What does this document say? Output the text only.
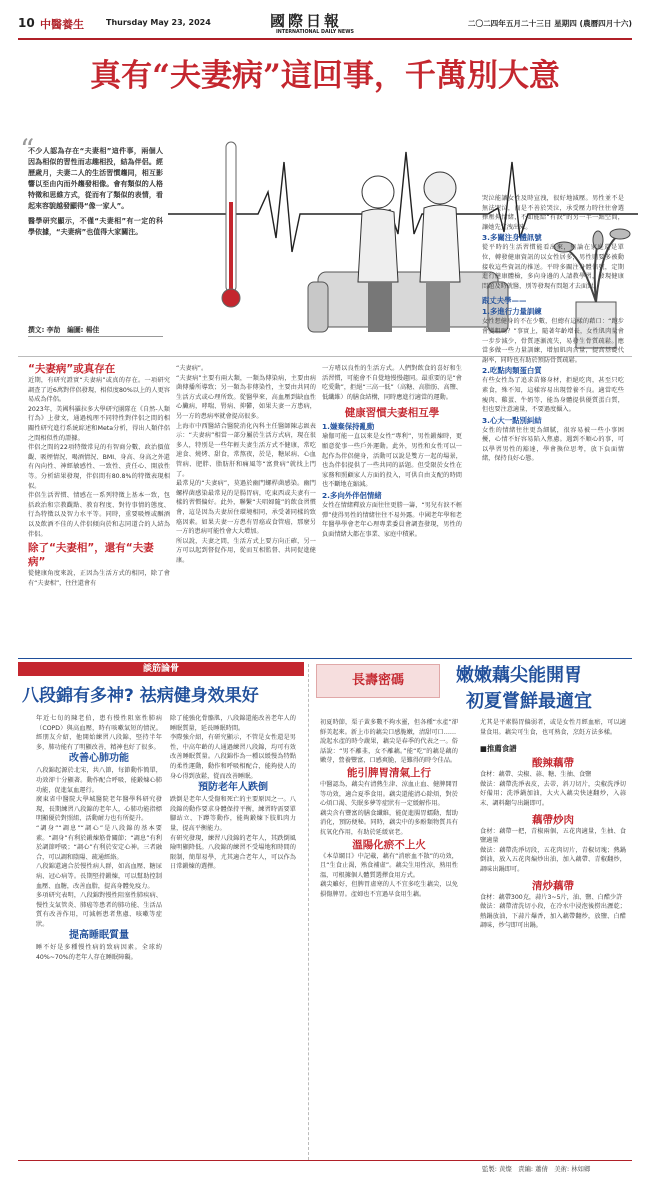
10 中醫養生	Thursday May 23, 2024	國際日報
INTERNATIONAL DAILY NEWS
二〇二四年五月二十三日 星期四 (農曆四月十六)
真有“夫妻病”這回事，千萬別大意
“

不少人認為存在“夫妻相”這件事，兩個人因為相似的習性而志趣相投，結為伴侶。經歷歲月，夫妻二人的生活習慣趨同，相互影響以至由內而外趨發相像。會有類似的人格特徵和思維方式，從而有了類似的表情，看起來容貌越發顯得“像一家人”。

醫學研究顯示，不僅“夫妻相”有一定的科學依據，“夫妻病”也值得大家關注。

撰文: 李劼　編圖: 楊佳
“夫妻病”或真存在

近期，有研究證實“夫妻病”或真的存在。一項研究調查了近6萬對伴侶發現，相似度80%以上的人更容易成為伴侶。

2023年，美國科羅拉多大學研究團隊在《自然-人類行為》上發文，通過梳理不同特性對伴侶之間的相關性研究進行系統綜述和Meta分析，得出人類伴侶之間相似性的證據。

伴侶之間的22項特徵常見的有智商分數、政治價值觀、吸煙情況、喝酒情況、BMI、身高、身高之外還有內向性、神經敏感性、一致性、責任心、開放性等。分析結果發現，伴侶間有80.8%的特徵表現相似。

伴侶生活習慣、情感在一系列特徵上基本一致，包括政治和宗教觀點、教育程度、對待事情的態度、行為特徵以及智力水平等。同時，重要吸煙或酗酒以及飲酒不佳的人伴侶傾向於和志同道合的人結為伴侶。

除了“夫妻相”，還有“夫妻病”

從健康角度來說，正因為生活方式的相同，除了會有“夫妻相”，往往還會有

“夫妻病”。

“夫妻病”主要有兩大類，一類為傳染病，主要由病菌傳播所導致；另一類為非傳染性，主要由共同的生活方式或心理所致。從醫學來，高血壓到缺血性心臟病，哮喘、腎病、抑鬱，如果夫妻一方患病，另一方的患病率就會提高很多。

上海市中西醫結合醫院消化內科主任醫師陳志級表示：“夫妻病”相當一部分屬於生活方式病，現在很多人，特別是一些年輕夫妻生活方式不健康，常吃速食、燒烤、甜食，常熬夜，於是，糖尿病、心血管病、肥胖、脂肪肝和痛風等“富貴病”就找上門了。

最常見的“夫妻病”，莫過於幽門螺桿菌感染。幽門螺桿菌感染最常見的是腸胃病，吃東西或夫妻有一樣的習慣偏好。此外，聯繫“夫唱婦隨”的飲食習慣會，這是因為夫妻居住環境相同，承受著同樣的致癌因素。如果夫妻一方患有胃癌或食管癌，那麼另一方的患病可能性會大大增加。

所以說，夫妻之間，生活方式上要方向正確，另一方可以起到督促作用，從而互相監督、共同促進健康。

一方嗜以良性的生活方式。人們對飲食的喜好和生活習慣，可能會不自覺地慢慢趨同。最重要的是“會吃愛動”，拒絕“三高一低”（高糖、高脂肪、高鹽、低纖維）的膳食結構，同時應進行適當的運動。

健康習慣夫妻相互學
1.嫌棄保持亂動

瑜伽可能一直以來是女性“專利”，男性鍛煉時，更願意從事一些戶外運動。此外，男性和女性可以一起作為伴侶健身，活動可以說是雙方一起的場景，也為伴侶提供了一些共同的話題。但受限於女性在家務和照顧家人方面的投入，可供自由支配的時間也不斷地在縮減。

2.多向外伴侶情緒

女性在情緒釋放方面往往更勝一籌，“男兒有淚不輕彈”使得男性的情緒往往不易外露。中國老年學和老年醫學學會老年心理專業委員會調查發現，男性的負面情緒大都在事業、家庭中積累。

哭泣能讓女性及時宣洩，很好地減壓。男性並不是無法哭泣，而是不善於哭泣，承受壓力時往往會選擇壓抑情緒，不如能給“有淚”的另一半一點空間，讓她先宣洩出來。

3.多關注身體訊號

從平時的生活習慣能看出來，無論在家庭還是單位，轉發健康資訊的以女性居多，男性則要多被動接收這些資訊的推送。平時多關注身體信號，定期進行健康體檢，多向身邊的人請教學習，發現健康問題及時就醫，別等發現有問題才去面對。

跟丈夫學——
1.多進行力量訓練

女性想健身的不在少數，但總有這樣的藉口：“跑步會變粗嗎？”事實上，隨著年齡增長，女性肌肉量會一步步減少，骨質逐漸流失，易發生骨質疏鬆。應當多做一些力量訓練，增加肌肉含量，提高基礎代謝率，同時也有助於預防骨質疏鬆。

2.吃點肉類蛋白質

有些女性為了追求苗條身材，拒絕吃肉，甚至只吃素食，殊不知，這樣容易出現營養不良。適當吃些瘦肉、雞蛋、牛奶等，能為身體提供優質蛋白質，但也要注意適量，不要過度攝入。

3.心大一點別糾結

女性的情緒往往更為細膩，很容易被一些小事困擾，心情不好容易陷入焦慮。遇到不順心的事，可以學習男性的豁達，學會換位思考，放下負面情緒，保持良好心態。

談筋論骨
八段錦有多神? 祛病健身效果好

年近七旬的陳老伯，患有慢性阻塞性肺病（COPD）與高血壓，時有咳嗽氣短的情況。經朋友介紹，他開始練習八段錦，堅持半年多，肺功能有了明顯改善，精神也好了很多。

改善心肺功能

八段錦起源於北宋，共八節，每節動作簡單，功效卻十分顯著。動作配合呼吸，能鍛煉心肺功能，促進氣血運行。

廣東省中醫院大學城醫院老年醫學科研究發現，長期練習八段錦的老年人，心肺功能指標明顯優於對照組，活動耐力也有所提升。

“調身”“調息”“調心”是八段錦的基本要素。“調身”有利於鍛煉筋骨關節；“調息”有利於調節呼吸；“調心”有利於安定心神。三者融合，可以調和陰陽、疏通經絡。

八段錦還適合於慢性病人群，如高血壓、糖尿病、冠心病等。長期堅持鍛煉，可以幫助控制血壓、血糖，改善血脂，提高身體免疫力。

多項研究表明，八段錦對慢性阻塞性肺疾病、慢性支氣管炎、肺癌等患者的肺功能、生活品質有改善作用，可減輕患者焦慮、咳嗽等症狀。

提高睡眠質量

睡不好是多種慢性病的致病因素。全球約40%~70%的老年人存在睡眠障礙。

除了能強化骨骼肌，八段錦還能改善老年人的睡眠質量，延長睡眠時間。

李際強介紹，有研究顯示，不管是女性還是男性，中高年齡的人通過練習八段錦，均可有效改善睡眠質量。八段錦作為一種以緩慢為特點的柔性運動，動作和呼吸相配合，能夠使人的身心得到放鬆，從而改善睡眠。

預防老年人跌倒

跌倒是老年人受傷和死亡的主要原因之一。八段錦的動作要求身體保持平衡，練習時需要單腳站立、下蹲等動作，能夠鍛煉下肢肌肉力量，提高平衡能力。

有研究發現，練習八段錦的老年人，其跌倒風險明顯降低。八段錦的練習不受場地和時間的限制，簡單易學，尤其適合老年人，可以作為日常鍛煉的選擇。

長壽密碼	嫩嫩藕尖能開胃
初夏嘗鮮最適宜

初夏時節，栗子黃多數不夠水靈，但各種“水產”卻鮮美起來。新上市的藕尖口感脆嫩，清甜可口……

說起水產的時令蔬果，藕尖是春季的代表之一。俗話說：“男不離韭，女不離藕。”能“吃”的藕是藕的嫩芽，營養豐富，口感爽脆，是難得的時令佳品。

能引脾胃清氣上行

中醫認為，藕尖有清熱生津、涼血止血、健脾開胃等功效，適合夏季食用。藕尖還能清心除煩，對於心煩口渴、失眠多夢等症狀有一定緩解作用。

藕尖含有豐富的膳食纖維，能促進腸胃蠕動，幫助消化，預防便秘。同時，藕尖中的多酚類物質具有抗氧化作用，有助於延緩衰老。

溫陽化瘀不上火

《本草綱目》中記載，藕有“消瘀血不散”的功效，且“生食止渴，熟食補虛”。藕尖生用性涼，熟用性溫，可根據個人體質選擇食用方式。

藕尖雖好，但脾胃虛寒的人不宜多吃生藕尖，以免損傷脾胃。產婦也不宜過早食用生藕。

尤其是平素腸胃偏弱者，或是女性月經血瘀，可以適量食用。藕尖可生食，也可熟食，烹飪方法多樣。

■推薦食譜
酸辣藕帶

食材：藕帶、尖椒、蒜、糖、生抽、食鹽

做法：藕帶洗淨表皮，去蒂，斜刀切片，尖椒洗淨切好備用；洗淨鍋加油，大火入藕尖快速翻炒，入蒜末、調料翻勻出鍋即可。

藕帶炒肉

食材：藕帶一把，青椒兩個，五花肉適量，生抽、食鹽適量

做法：藕帶洗淨切段，五花肉切片，青椒切塊；熱鍋倒油，放入五花肉煸炒出油，加入藕帶、青椒翻炒，調味出鍋即可。

清炒藕帶

食材：藕帶300克，蒜片3~5片，油、鹽、白醋少許

做法：藕帶清洗切小段，在冷水中浸泡後撈出瀝乾；熱鍋放油，下蒜片爆香，加入藕帶翻炒，放鹽、白醋調味，炒勻即可出鍋。

監製: 黄燦　責編: 蕭倩　美術: 林如卿
